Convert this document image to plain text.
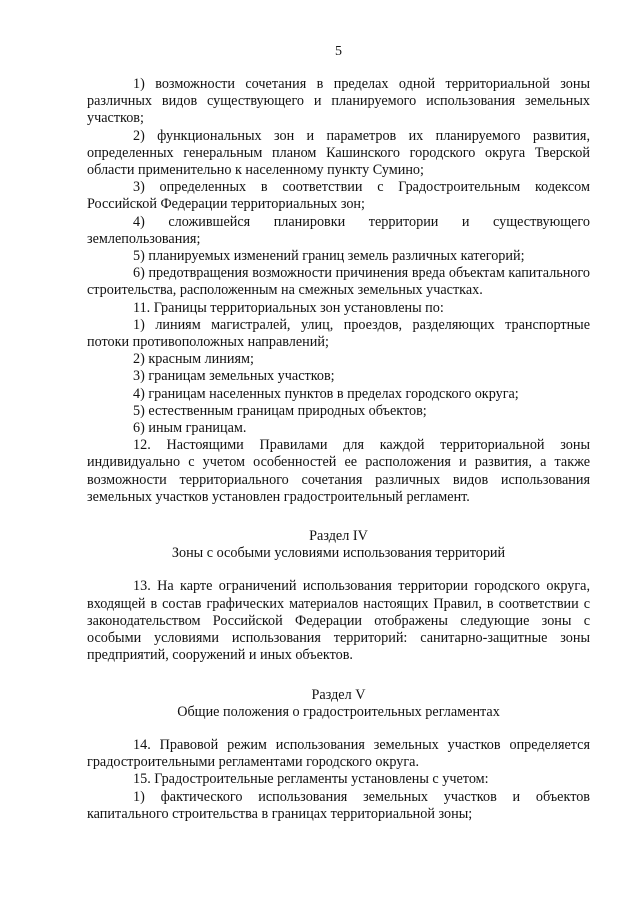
5

1) возможности сочетания в пределах одной территориальной зоны различных видов существующего и планируемого использования земельных участков;

2) функциональных зон и параметров их планируемого развития, определенных генеральным планом Кашинского городского округа Тверской области применительно к населенному пункту Сумино;

3) определенных в соответствии с Градостроительным кодексом Российской Федерации территориальных зон;

4) сложившейся планировки территории и существующего землепользования;

5) планируемых изменений границ земель различных категорий;

6) предотвращения возможности причинения вреда объектам капитального строительства, расположенным на смежных земельных участках.

11. Границы территориальных зон установлены по:

1) линиям магистралей, улиц, проездов, разделяющих транспортные потоки противоположных направлений;

2) красным линиям;

3) границам земельных участков;

4) границам населенных пунктов в пределах городского округа;

5) естественным границам природных объектов;

6) иным границам.

12. Настоящими Правилами для каждой территориальной зоны индивидуально с учетом особенностей ее расположения и развития, а также возможности территориального сочетания различных видов использования земельных участков установлен градостроительный регламент.

Раздел IV

Зоны с особыми условиями использования территорий

13. На карте ограничений использования территории городского округа, входящей в состав графических материалов настоящих Правил, в соответствии с законодательством Российской Федерации отображены следующие зоны с особыми условиями использования территорий: санитарно-защитные зоны предприятий, сооружений и иных объектов.

Раздел V

Общие положения о градостроительных регламентах

14. Правовой режим использования земельных участков определяется градостроительными регламентами городского округа.

15. Градостроительные регламенты установлены с учетом:

1) фактического использования земельных участков и объектов капитального строительства в границах территориальной зоны;
